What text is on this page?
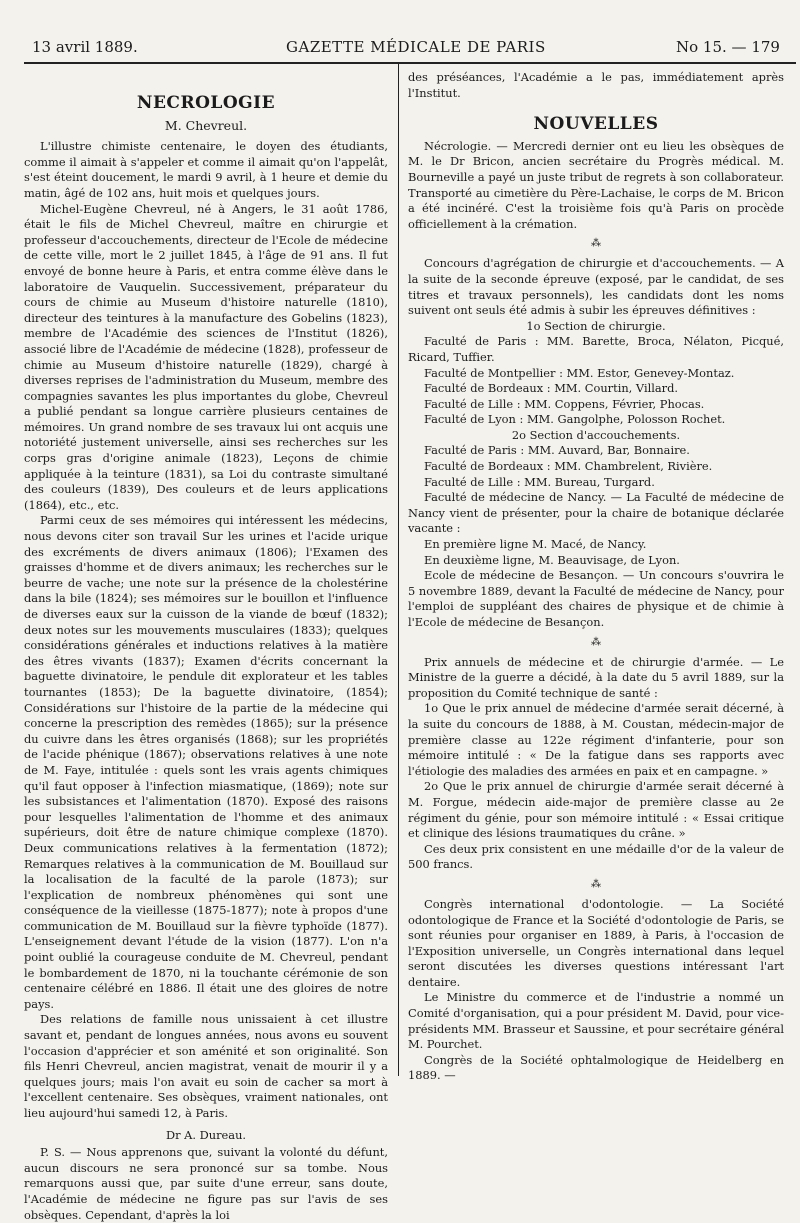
13 avril 1889.	GAZETTE MÉDICALE DE PARIS	No 15. — 179
NECROLOGIE
M. Chevreul.

L'illustre chimiste centenaire, le doyen des étudiants, comme il aimait à s'appeler et comme il aimait qu'on l'appelât, s'est éteint doucement, le mardi 9 avril, à 1 heure et demie du matin, âgé de 102 ans, huit mois et quelques jours.

Michel-Eugène Chevreul, né à Angers, le 31 août 1786, était le fils de Michel Chevreul, maître en chirurgie et professeur d'accouchements, directeur de l'Ecole de médecine de cette ville, mort le 2 juillet 1845, à l'âge de 91 ans. Il fut envoyé de bonne heure à Paris, et entra comme élève dans le laboratoire de Vauquelin. Successivement, préparateur du cours de chimie au Museum d'histoire naturelle (1810), directeur des teintures à la manufacture des Gobelins (1823), membre de l'Académie des sciences de l'Institut (1826), associé libre de l'Académie de médecine (1828), professeur de chimie au Museum d'histoire naturelle (1829), chargé à diverses reprises de l'administration du Museum, membre des compagnies savantes les plus importantes du globe, Chevreul a publié pendant sa longue carrière plusieurs centaines de mémoires. Un grand nombre de ses travaux lui ont acquis une notoriété justement universelle, ainsi ses recherches sur les corps gras d'origine animale (1823), Leçons de chimie appliquée à la teinture (1831), sa Loi du contraste simultané des couleurs (1839), Des couleurs et de leurs applications (1864), etc., etc.

Parmi ceux de ses mémoires qui intéressent les médecins, nous devons citer son travail Sur les urines et l'acide urique des excréments de divers animaux (1806); l'Examen des graisses d'homme et de divers animaux; les recherches sur le beurre de vache; une note sur la présence de la cholestérine dans la bile (1824); ses mémoires sur le bouillon et l'influence de diverses eaux sur la cuisson de la viande de bœuf (1832); deux notes sur les mouvements musculaires (1833); quelques considérations générales et inductions relatives à la matière des êtres vivants (1837); Examen d'écrits concernant la baguette divinatoire, le pendule dit explorateur et les tables tournantes (1853); De la baguette divinatoire, (1854); Considérations sur l'histoire de la partie de la médecine qui concerne la prescription des remèdes (1865); sur la présence du cuivre dans les êtres organisés (1868); sur les propriétés de l'acide phénique (1867); observations relatives à une note de M. Faye, intitulée : quels sont les vrais agents chimiques qu'il faut opposer à l'infection miasmatique, (1869); note sur les subsistances et l'alimentation (1870). Exposé des raisons pour lesquelles l'alimentation de l'homme et des animaux supérieurs, doit être de nature chimique complexe (1870). Deux communications relatives à la fermentation (1872); Remarques relatives à la communication de M. Bouillaud sur la localisation de la faculté de la parole (1873); sur l'explication de nombreux phénomènes qui sont une conséquence de la vieillesse (1875-1877); note à propos d'une communication de M. Bouillaud sur la fièvre typhoïde (1877). L'enseignement devant l'étude de la vision (1877). L'on n'a point oublié la courageuse conduite de M. Chevreul, pendant le bombardement de 1870, ni la touchante cérémonie de son centenaire célébré en 1886. Il était une des gloires de notre pays.

Des relations de famille nous unissaient à cet illustre savant et, pendant de longues années, nous avons eu souvent l'occasion d'apprécier et son aménité et son originalité. Son fils Henri Chevreul, ancien magistrat, venait de mourir il y a quelques jours; mais l'on avait eu soin de cacher sa mort à l'excellent centenaire. Ses obsèques, vraiment nationales, ont lieu aujourd'hui samedi 12, à Paris.

Dr A. Dureau.

P. S. — Nous apprenons que, suivant la volonté du défunt, aucun discours ne sera prononcé sur sa tombe. Nous remarquons aussi que, par suite d'une erreur, sans doute, l'Académie de médecine ne figure pas sur l'avis de ses obsèques. Cependant, d'après la loi

des préséances, l'Académie a le pas, immédiatement après l'Institut.

NOUVELLES

Nécrologie. — Mercredi dernier ont eu lieu les obsèques de M. le Dr Bricon, ancien secrétaire du Progrès médical. M. Bourneville a payé un juste tribut de regrets à son collaborateur. Transporté au cimetière du Père-Lachaise, le corps de M. Bricon a été incinéré. C'est la troisième fois qu'à Paris on procède officiellement à la crémation.

⁂

Concours d'agrégation de chirurgie et d'accouchements. — A la suite de la seconde épreuve (exposé, par le candidat, de ses titres et travaux personnels), les candidats dont les noms suivent ont seuls été admis à subir les épreuves définitives :

1o Section de chirurgie.

Faculté de Paris : MM. Barette, Broca, Nélaton, Picqué, Ricard, Tuffier.

Faculté de Montpellier : MM. Estor, Genevey-Montaz.

Faculté de Bordeaux : MM. Courtin, Villard.

Faculté de Lille : MM. Coppens, Février, Phocas.

Faculté de Lyon : MM. Gangolphe, Polosson Rochet.

2o Section d'accouchements.

Faculté de Paris : MM. Auvard, Bar, Bonnaire.

Faculté de Bordeaux : MM. Chambrelent, Rivière.

Faculté de Lille : MM. Bureau, Turgard.

Faculté de médecine de Nancy. — La Faculté de médecine de Nancy vient de présenter, pour la chaire de botanique déclarée vacante :

En première ligne M. Macé, de Nancy.

En deuxième ligne, M. Beauvisage, de Lyon.

Ecole de médecine de Besançon. — Un concours s'ouvrira le 5 novembre 1889, devant la Faculté de médecine de Nancy, pour l'emploi de suppléant des chaires de physique et de chimie à l'Ecole de médecine de Besançon.

⁂

Prix annuels de médecine et de chirurgie d'armée. — Le Ministre de la guerre a décidé, à la date du 5 avril 1889, sur la proposition du Comité technique de santé :

1o Que le prix annuel de médecine d'armée serait décerné, à la suite du concours de 1888, à M. Coustan, médecin-major de première classe au 122e régiment d'infanterie, pour son mémoire intitulé : « De la fatigue dans ses rapports avec l'étiologie des maladies des armées en paix et en campagne. »

2o Que le prix annuel de chirurgie d'armée serait décerné à M. Forgue, médecin aide-major de première classe au 2e régiment du génie, pour son mémoire intitulé : « Essai critique et clinique des lésions traumatiques du crâne. »

Ces deux prix consistent en une médaille d'or de la valeur de 500 francs.

⁂

Congrès international d'odontologie. — La Société odontologique de France et la Société d'odontologie de Paris, se sont réunies pour organiser en 1889, à Paris, à l'occasion de l'Exposition universelle, un Congrès international dans lequel seront discutées les diverses questions intéressant l'art dentaire.

Le Ministre du commerce et de l'industrie a nommé un Comité d'organisation, qui a pour président M. David, pour vice-présidents MM. Brasseur et Saussine, et pour secrétaire général M. Pourchet.

Congrès de la Société ophtalmologique de Heidelberg en 1889. —
